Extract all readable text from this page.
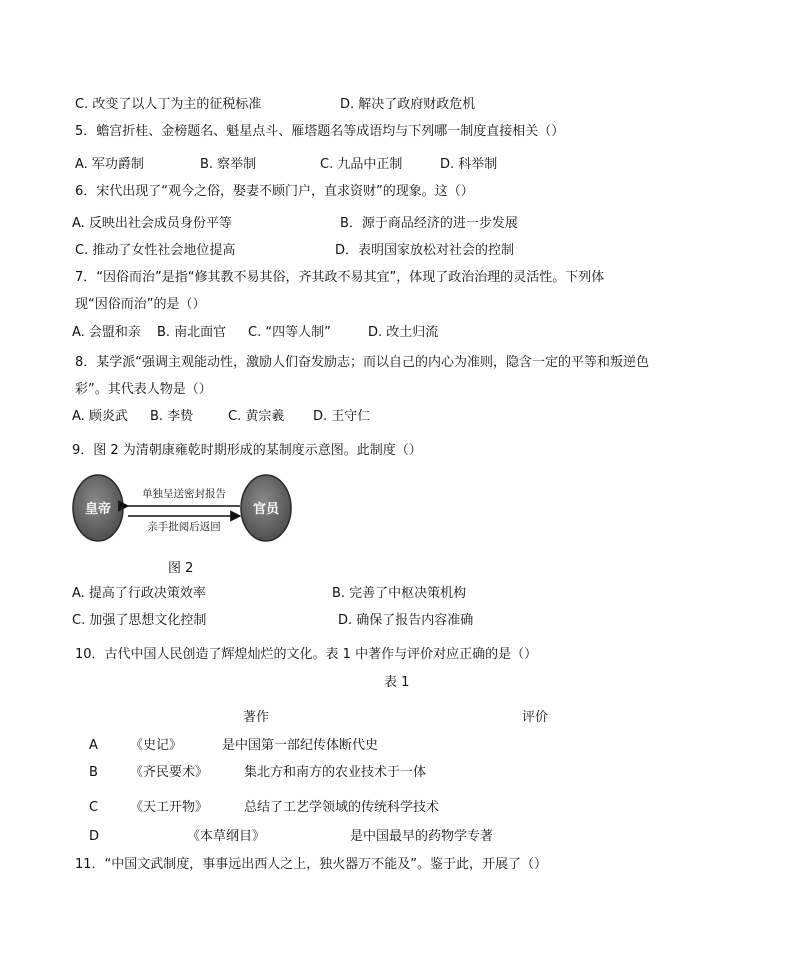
C. 改变了以人丁为主的征税标准	D. 解决了政府财政危机
5．蟾宫折桂、金榜题名、魁星点斗、雁塔题名等成语均与下列哪一制度直接相关（）
A. 军功爵制	B. 察举制	C. 九品中正制	D. 科举制
6．宋代出现了“观今之俗，娶妻不顾门户，直求资财”的现象。这（）
A. 反映出社会成员身份平等	B．源于商品经济的进一步发展
C. 推动了女性社会地位提高	D．表明国家放松对社会的控制
7．“因俗而治”是指“修其教不易其俗，齐其政不易其宜”，体现了政治治理的灵活性。下列体
现“因俗而治”的是（）
A. 会盟和亲 B. 南北面官 C. “四等人制”	D. 改土归流
8．某学派“强调主观能动性，激励人们奋发励志；而以自己的内心为准则，隐含一定的平等和叛逆色
彩”。其代表人物是（）
A. 顾炎武 B. 李贽	C. 黄宗羲 D. 王守仁
9．图 2 为清朝康雍乾时期形成的某制度示意图。此制度（）
皇帝	官员
单独呈送密封报告
亲手批阅后返回
图 2
A. 提高了行政决策效率	B. 完善了中枢决策机构
C. 加强了思想文化控制	D. 确保了报告内容准确
10．古代中国人民创造了辉煌灿烂的文化。表 1 中著作与评价对应正确的是（）
表 1
著作	评价
A 《史记》	是中国第一部纪传体断代史
B 《齐民要术》	集北方和南方的农业技术于一体
C 《天工开物》	总结了工艺学领域的传统科学技术
D	《本草纲目》	是中国最早的药物学专著
11．“中国文武制度，事事远出西人之上，独火器万不能及”。鉴于此，开展了（）
